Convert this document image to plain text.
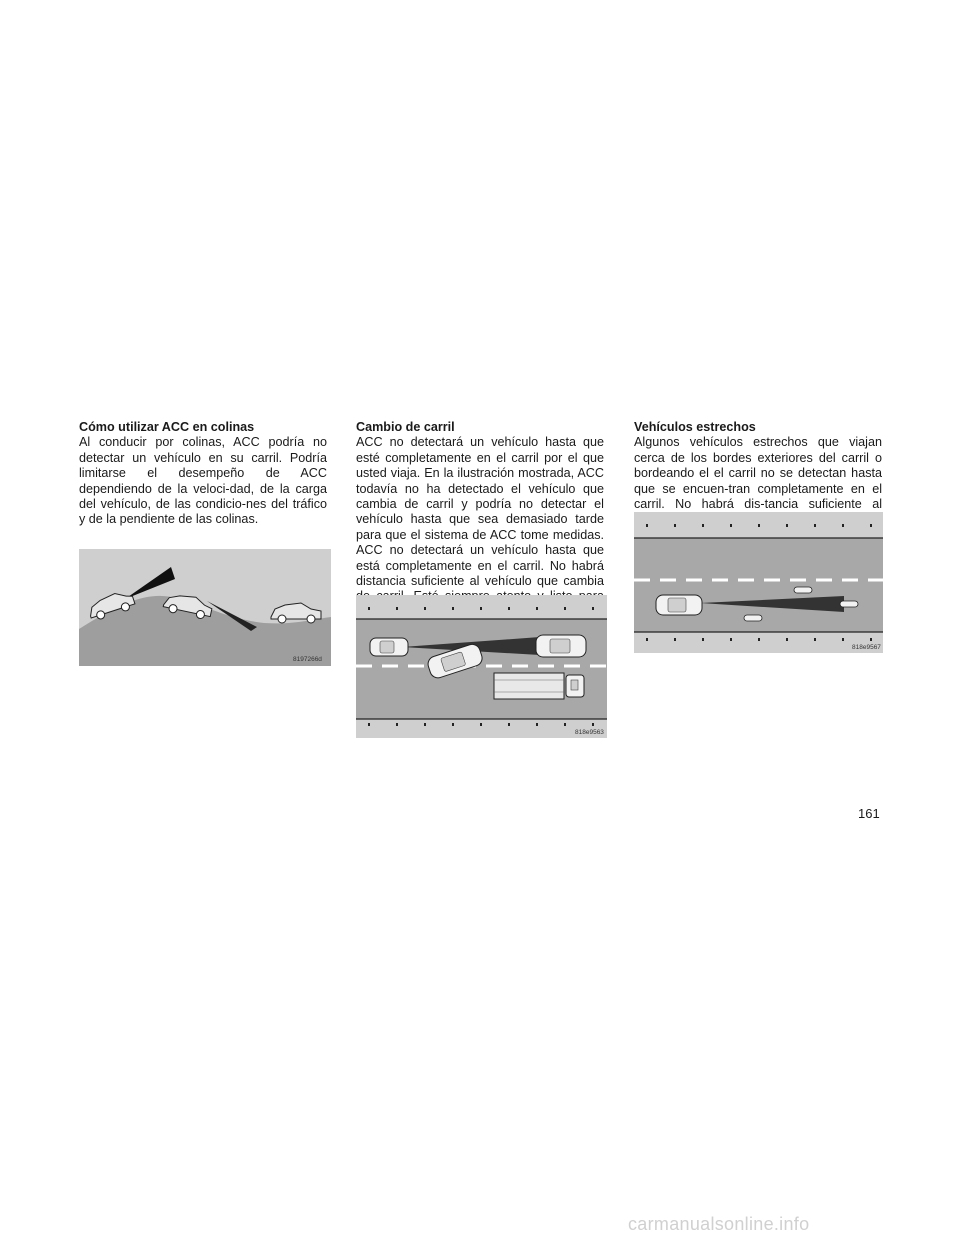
Cómo utilizar ACC en colinas

Al conducir por colinas, ACC podría no detectar un vehículo en su carril. Podría limitarse el desempeño de ACC dependiendo de la veloci-dad, de la carga del vehículo, de las condicio-nes del tráfico y de la pendiente de las colinas.

8197266d

Cambio de carril

ACC no detectará un vehículo hasta que esté completamente en el carril por el que usted viaja. En la ilustración mostrada, ACC todavía no ha detectado el vehículo que cambia de carril y podría no detectar el vehículo hasta que sea demasiado tarde para que el sistema de ACC tome medidas. ACC no detectará un vehículo hasta que está completamente en el carril. No habrá distancia suficiente al vehículo que cambia

818e9563

Vehículos estrechos

Algunos vehículos estrechos que viajan cerca de los bordes exteriores del carril o bordeando el el carril no se detectan hasta que se encuen-tran completamente en el carril. No habrá dis-tancia suficiente al

818e9567

161

carmanualsonline.info
